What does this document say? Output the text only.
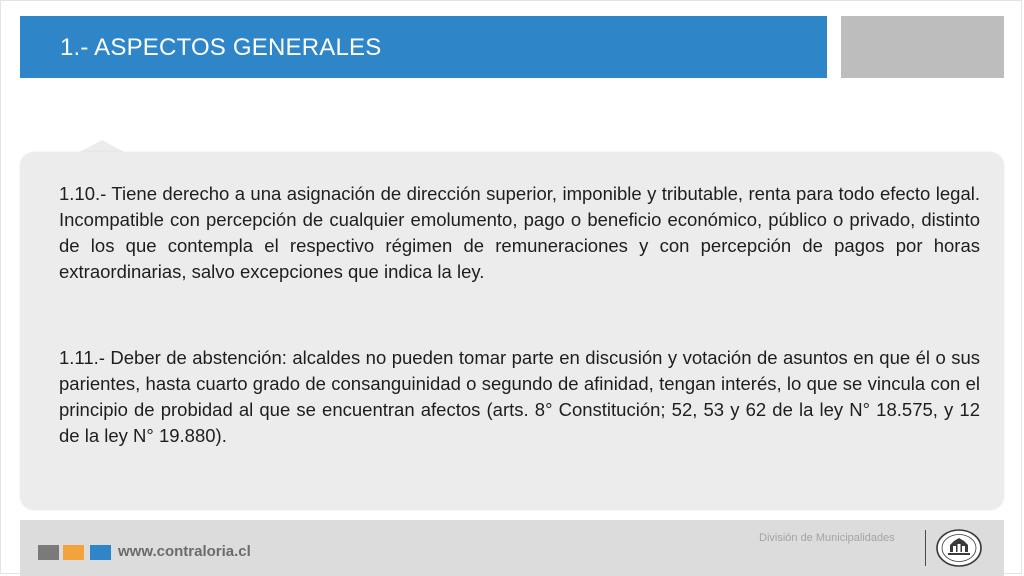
1.- ASPECTOS GENERALES

1.10.- Tiene derecho a una asignación de dirección superior, imponible y tributable, renta para todo efecto legal. Incompatible con percepción de cualquier emolumento, pago o beneficio económico, público o privado, distinto de los que contempla el respectivo régimen de remuneraciones y con percepción de pagos por horas extraordinarias, salvo excepciones que indica la ley.

1.11.- Deber de abstención: alcaldes no pueden tomar parte en discusión y votación de asuntos en que él o sus parientes, hasta cuarto grado de consanguinidad o segundo de afinidad, tengan interés, lo que se vincula con el principio de probidad al que se encuentran afectos (arts. 8° Constitución; 52, 53 y 62 de la ley N° 18.575, y 12 de la ley N° 19.880).

www.contraloria.cl
División de Municipalidades
